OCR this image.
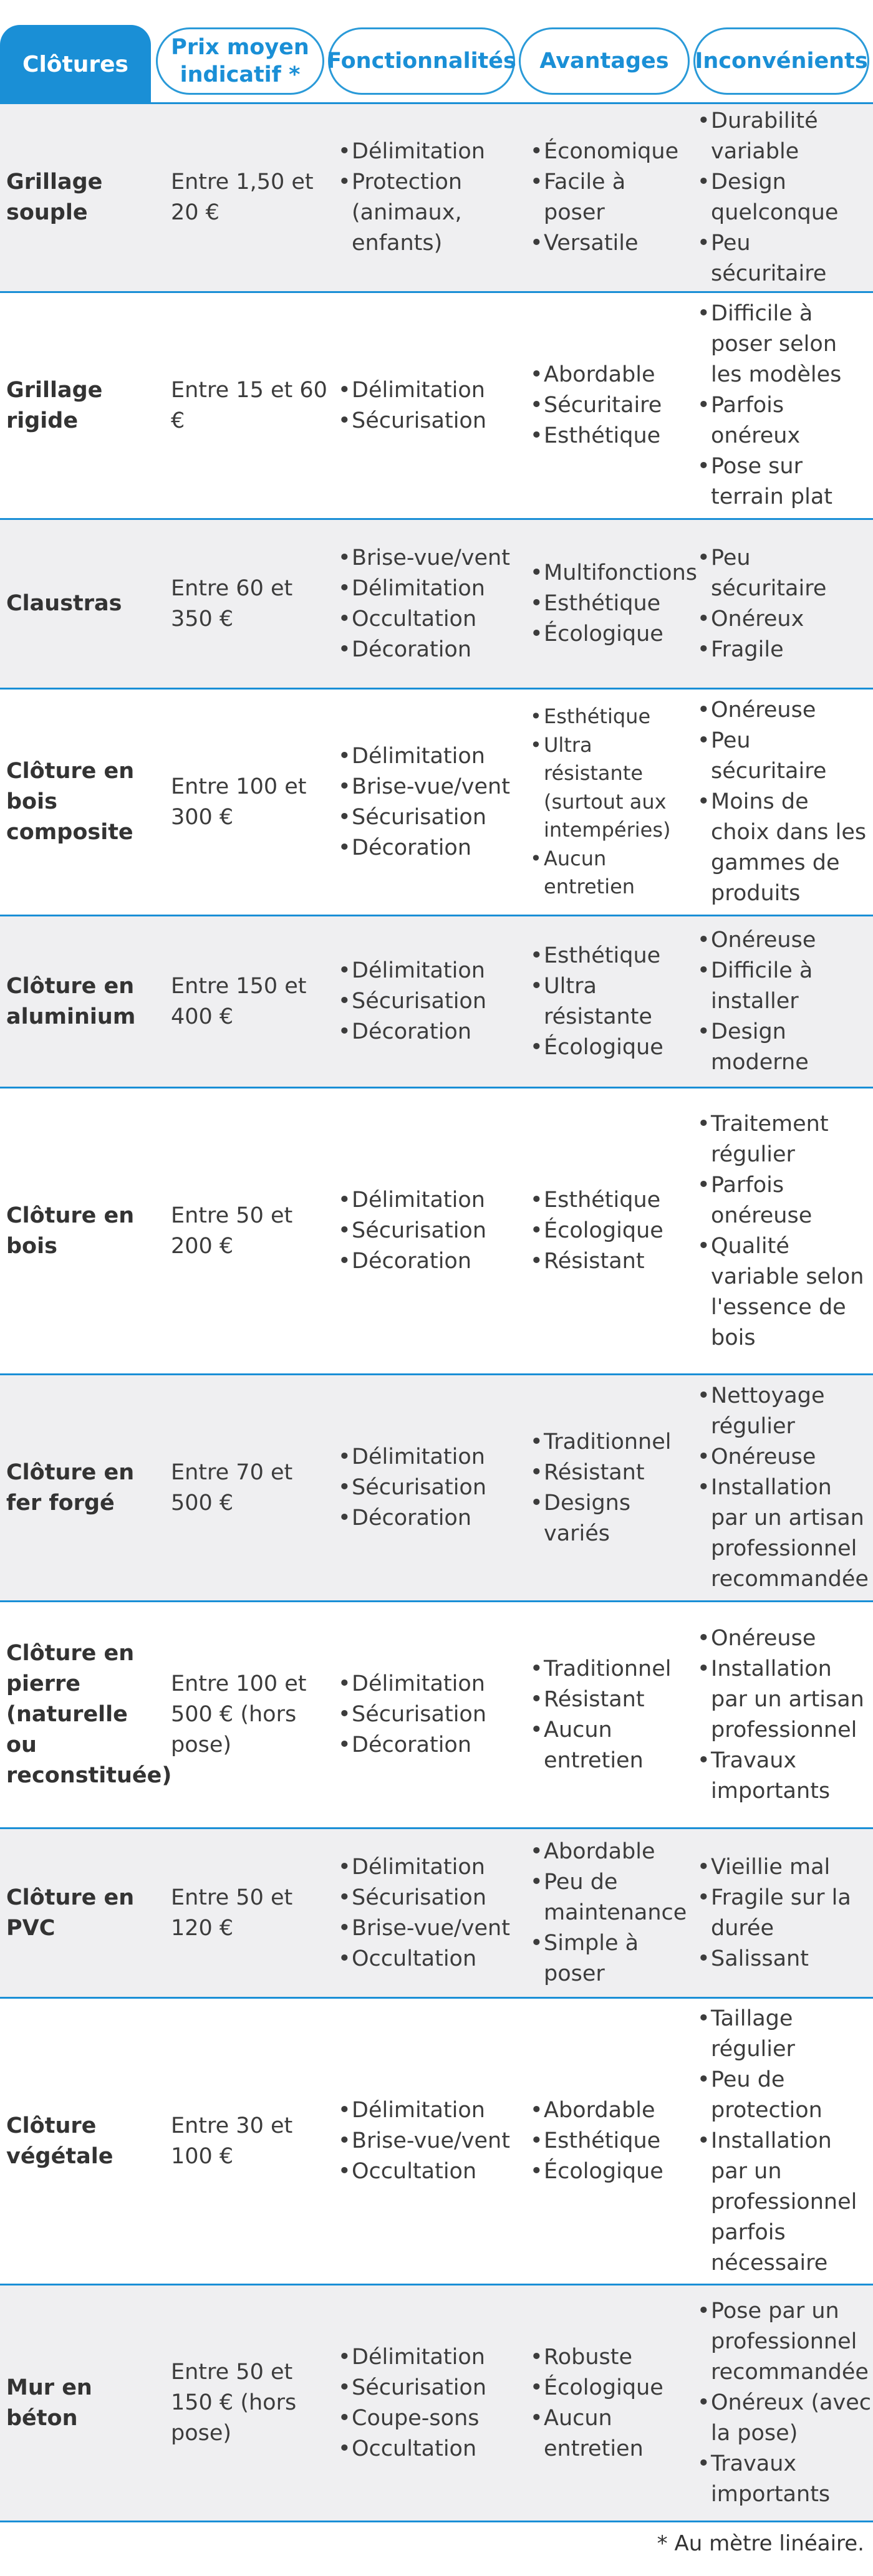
Clôtures
Prix moyen indicatif *
Fonctionnalités	Avantages	Inconvénients
Grillage souple
Entre 1,50 et 20 €
• Délimitation
• Protection (animaux, enfants)
• Économique
• Facile à poser
• Versatile
• Durabilité variable
• Design quelconque
• Peu sécuritaire
Grillage rigide
Entre 15 et 60 €
• Délimitation
• Sécurisation
• Abordable
• Sécuritaire
• Esthétique
• Difficile à poser selon les modèles
• Parfois onéreux
• Pose sur terrain plat
Claustras
Entre 60 et 350 €
• Brise-vue/vent
• Délimitation
• Occultation
• Décoration
• Multifonctions
• Esthétique
• Écologique
• Peu sécuritaire
• Onéreux
• Fragile
Clôture en bois composite
Entre 100 et 300 €
• Délimitation
• Brise-vue/vent
• Sécurisation
• Décoration
• Esthétique
• Ultra résistante (surtout aux intempéries)
• Aucun entretien
• Onéreuse
• Peu sécuritaire
• Moins de choix dans les gammes de produits
Clôture en aluminium
Entre 150 et 400 €
• Délimitation
• Sécurisation
• Décoration
• Esthétique
• Ultra résistante
• Écologique
• Onéreuse
• Difficile à installer
• Design moderne
Clôture en bois
Entre 50 et 200 €
• Délimitation
• Sécurisation
• Décoration
• Esthétique
• Écologique
• Résistant
• Traitement régulier
• Parfois onéreuse
• Qualité variable selon l'essence de bois
Clôture en fer forgé
Entre 70 et 500 €
• Délimitation
• Sécurisation
• Décoration
• Traditionnel
• Résistant
• Designs variés
• Nettoyage régulier
• Onéreuse
• Installation par un artisan professionnel recommandée
Clôture en pierre (naturelle ou reconstituée)
Entre 100 et 500 € (hors pose)
• Délimitation
• Sécurisation
• Décoration
• Traditionnel
• Résistant
• Aucun entretien
• Onéreuse
• Installation par un artisan professionnel
• Travaux importants
Clôture en PVC
Entre 50 et 120 €
• Délimitation
• Sécurisation
• Brise-vue/vent
• Occultation
• Abordable
• Peu de maintenance
• Simple à poser
• Vieillie mal
• Fragile sur la durée
• Salissant
Clôture végétale
Entre 30 et 100 €
• Délimitation
• Brise-vue/vent
• Occultation
• Abordable
• Esthétique
• Écologique
• Taillage régulier
• Peu de protection
• Installation par un professionnel parfois nécessaire
Mur en béton
Entre 50 et 150 € (hors pose)
• Délimitation
• Sécurisation
• Coupe-sons
• Occultation
• Robuste
• Écologique
• Aucun entretien
• Pose par un professionnel recommandée
• Onéreux (avec la pose)
• Travaux importants
* Au mètre linéaire.
